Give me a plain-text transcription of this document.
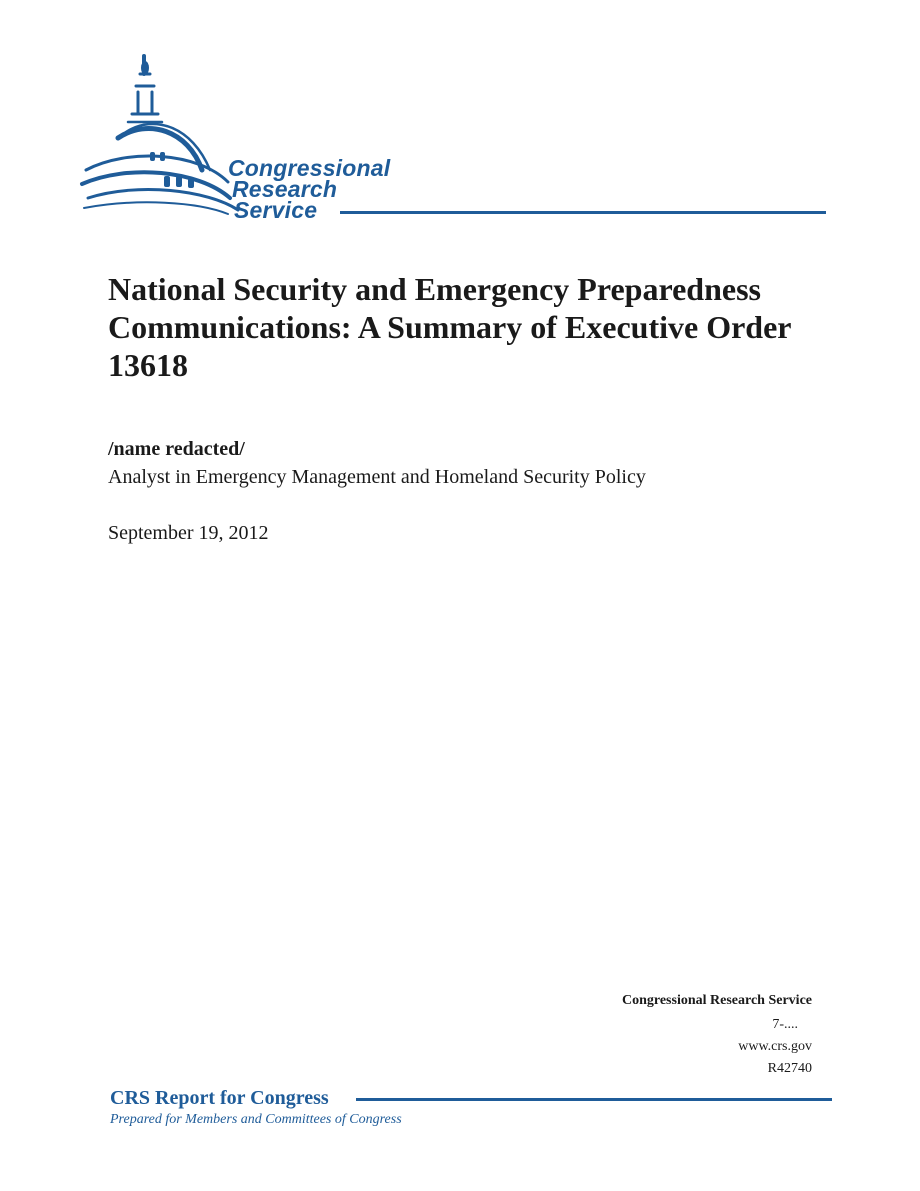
Congressional
Research
Service
National Security and Emergency Preparedness Communications: A Summary of Executive Order 13618

/name redacted/

Analyst in Emergency Management and Homeland Security Policy

September 19, 2012

Congressional Research Service
7-....
www.crs.gov
R42740
CRS Report for Congress
Prepared for Members and Committees of Congress
